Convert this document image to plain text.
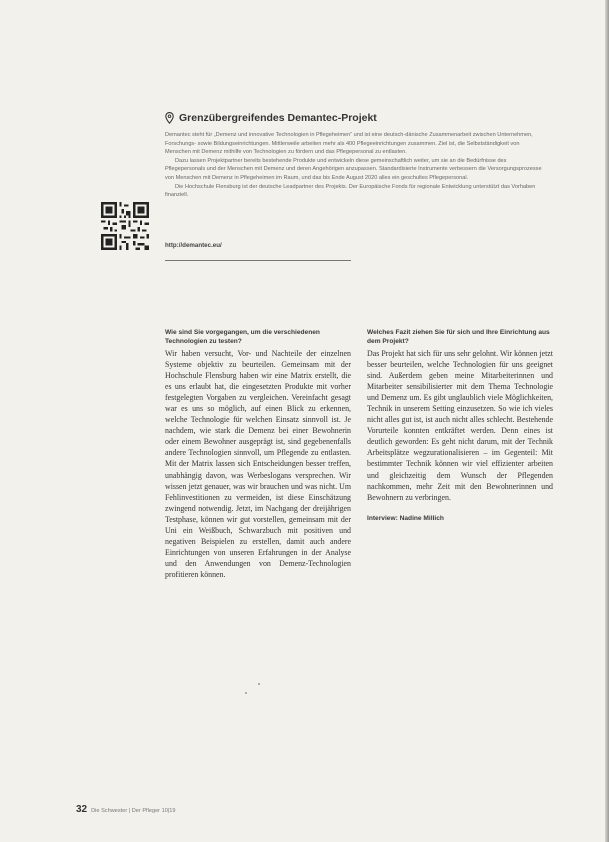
Grenzübergreifendes Demantec-Projekt

Demantec steht für „Demenz und innovative Technologien in Pflegeheimen“ und ist eine deutsch-dänische Zusammenarbeit zwischen Unternehmen, Forschungs- sowie Bildungseinrichtungen. Mittlerweile arbeiten mehr als 400 Pflegeeinrichtungen zusammen. Ziel ist, die Selbstständigkeit von Menschen mit Demenz mithilfe von Technologien zu fördern und das Pflegepersonal zu entlasten.

Dazu lassen Projektpartner bereits bestehende Produkte und entwickeln diese gemeinschaftlich weiter, um sie an die Bedürfnisse des Pflegepersonals und der Menschen mit Demenz und deren Angehörigen anzupassen. Standardisierte Instrumente verbessern die Versorgungsprozesse von Menschen mit Demenz in Pflegeheimen im Raum, und das bis Ende August 2020 alles ein geschultes Pflegepersonal.

Die Hochschule Flensburg ist der deutsche Leadpartner des Projekts. Der Europäische Fonds für regionale Entwicklung unterstützt das Vorhaben finanziell.

http://demantec.eu/

Wie sind Sie vorgegangen, um die verschiedenen Technologien zu testen?

Wir haben versucht, Vor- und Nachteile der einzelnen Systeme objektiv zu beurteilen. Gemeinsam mit der Hochschule Flensburg haben wir eine Matrix erstellt, die es uns erlaubt hat, die eingesetzten Produkte mit vorher festgelegten Vorgaben zu vergleichen. Vereinfacht gesagt war es uns so möglich, auf einen Blick zu erkennen, welche Technologie für welchen Einsatz sinnvoll ist. Je nachdem, wie stark die Demenz bei einer Bewohnerin oder einem Bewohner ausgeprägt ist, sind gegebenenfalls andere Technologien sinnvoll, um Pflegende zu entlasten. Mit der Matrix lassen sich Entscheidungen besser treffen, unabhängig davon, was Werbeslogans versprechen. Wir wissen jetzt genauer, was wir brauchen und was nicht. Um Fehlinvestitionen zu vermeiden, ist diese Einschätzung zwingend notwendig. Jetzt, im Nachgang der dreijährigen Testphase, können wir gut vorstellen, gemeinsam mit der Uni ein Weißbuch, Schwarzbuch mit positiven und negativen Beispielen zu erstellen, damit auch andere Einrichtungen von unseren Erfahrungen in der Analyse und den Anwendungen von Demenz-Technologien profitieren können.

Welches Fazit ziehen Sie für sich und Ihre Einrichtung aus dem Projekt?

Das Projekt hat sich für uns sehr gelohnt. Wir können jetzt besser beurteilen, welche Technologien für uns geeignet sind. Außerdem geben meine Mitarbeiterinnen und Mitarbeiter sensibilisierter mit dem Thema Technologie und Demenz um. Es gibt unglaublich viele Möglichkeiten, Technik in unserem Setting einzusetzen. So wie ich vieles nicht alles gut ist, ist auch nicht alles schlecht. Bestehende Vorurteile konnten entkräftet werden. Denn eines ist deutlich geworden: Es geht nicht darum, mit der Technik Arbeitsplätze wegzurationalisieren – im Gegenteil: Mit bestimmter Technik können wir viel effizienter arbeiten und gleichzeitig dem Wunsch der Pflegenden nachkommen, mehr Zeit mit den Bewohnerinnen und Bewohnern zu verbringen.

Interview: Nadine Millich
32 Die Schwester | Der Pfleger 10|19
